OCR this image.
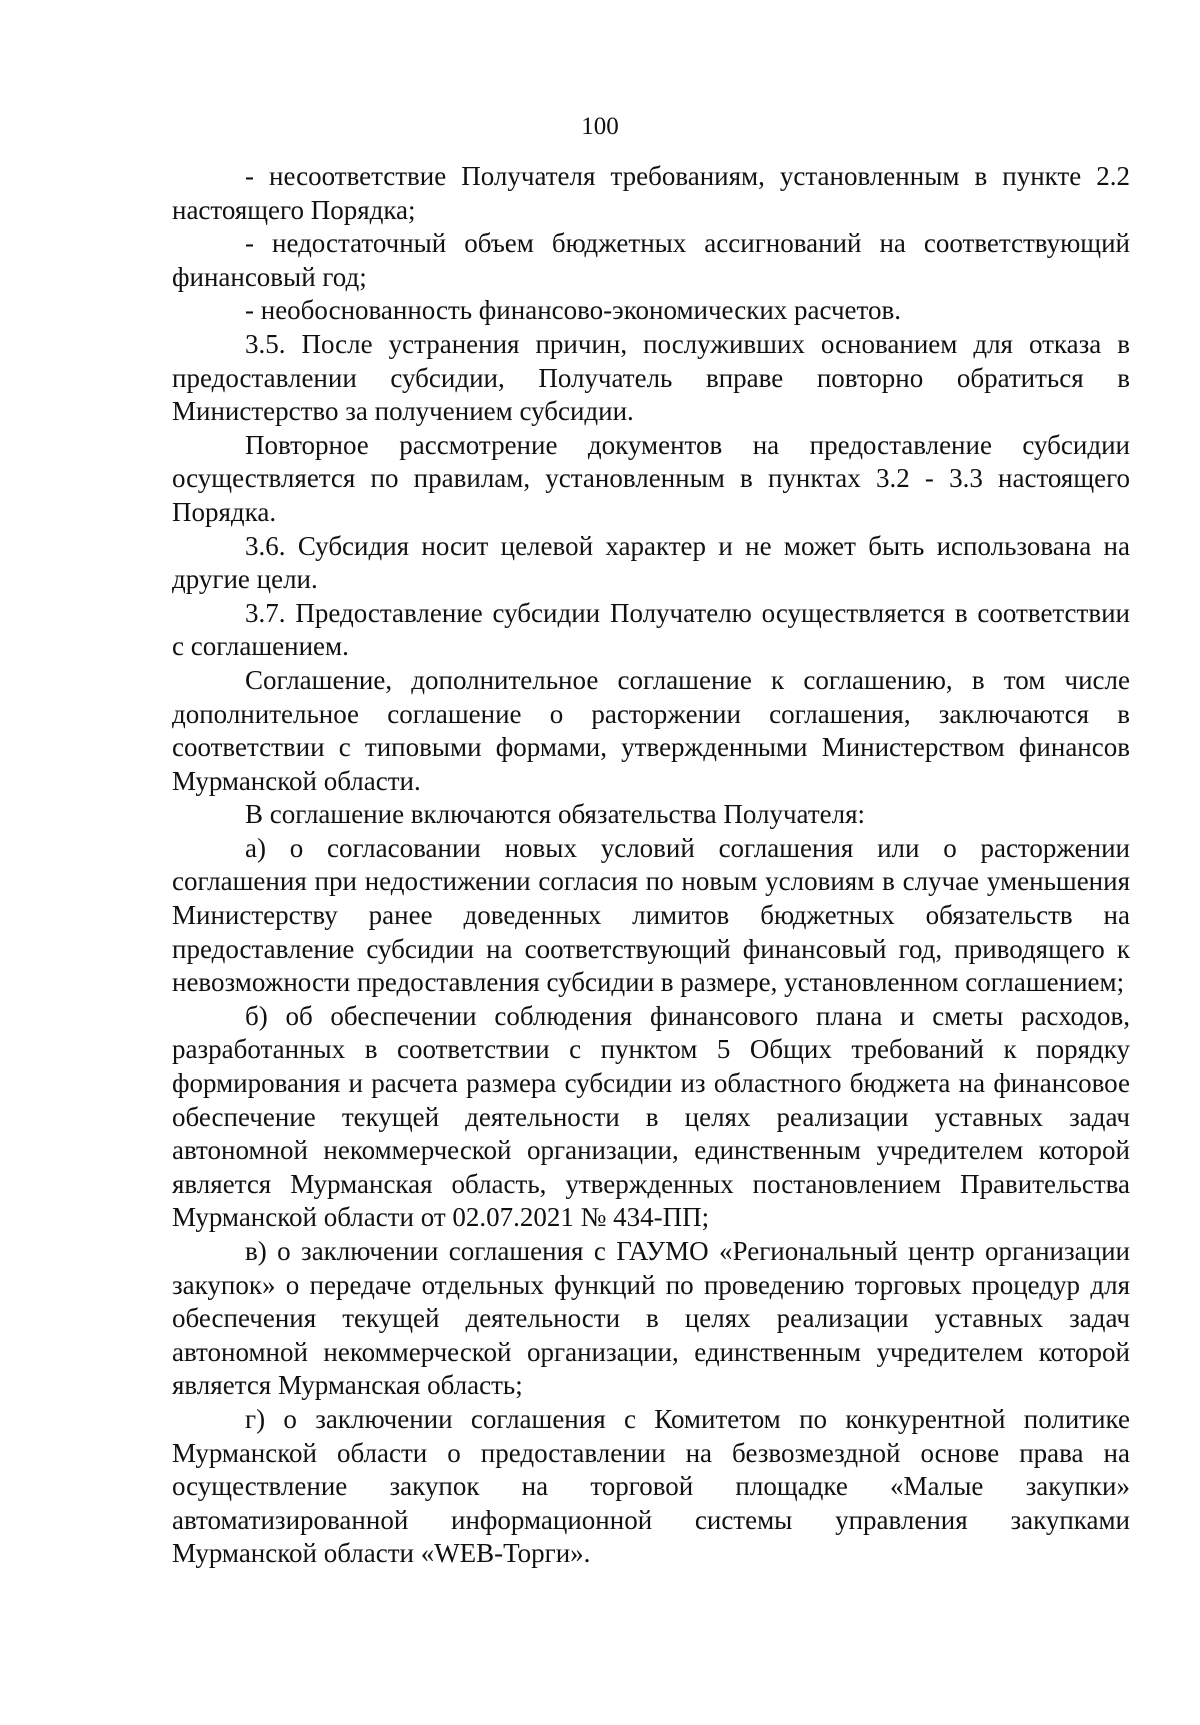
100

- несоответствие Получателя требованиям, установленным в пункте 2.2 настоящего Порядка;

- недостаточный объем бюджетных ассигнований на соответствующий финансовый год;

- необоснованность финансово-экономических расчетов.

3.5. После устранения причин, послуживших основанием для отказа в предоставлении субсидии, Получатель вправе повторно обратиться в Министерство за получением субсидии.

Повторное рассмотрение документов на предоставление субсидии осуществляется по правилам, установленным в пунктах 3.2 - 3.3 настоящего Порядка.

3.6. Субсидия носит целевой характер и не может быть использована на другие цели.

3.7. Предоставление субсидии Получателю осуществляется в соответствии с соглашением.

Соглашение, дополнительное соглашение к соглашению, в том числе дополнительное соглашение о расторжении соглашения, заключаются в соответствии с типовыми формами, утвержденными Министерством финансов Мурманской области.

В соглашение включаются обязательства Получателя:

а) о согласовании новых условий соглашения или о расторжении соглашения при недостижении согласия по новым условиям в случае уменьшения Министерству ранее доведенных лимитов бюджетных обязательств на предоставление субсидии на соответствующий финансовый год, приводящего к невозможности предоставления субсидии в размере, установленном соглашением;

б) об обеспечении соблюдения финансового плана и сметы расходов, разработанных в соответствии с пунктом 5 Общих требований к порядку формирования и расчета размера субсидии из областного бюджета на финансовое обеспечение текущей деятельности в целях реализации уставных задач автономной некоммерческой организации, единственным учредителем которой является Мурманская область, утвержденных постановлением Правительства Мурманской области от 02.07.2021 № 434-ПП;

в) о заключении соглашения с ГАУМО «Региональный центр организации закупок» о передаче отдельных функций по проведению торговых процедур для обеспечения текущей деятельности в целях реализации уставных задач автономной некоммерческой организации, единственным учредителем которой является Мурманская область;

г) о заключении соглашения с Комитетом по конкурентной политике Мурманской области о предоставлении на безвозмездной основе права на осуществление закупок на торговой площадке «Малые закупки» автоматизированной информационной системы управления закупками Мурманской области «WEB-Торги».
